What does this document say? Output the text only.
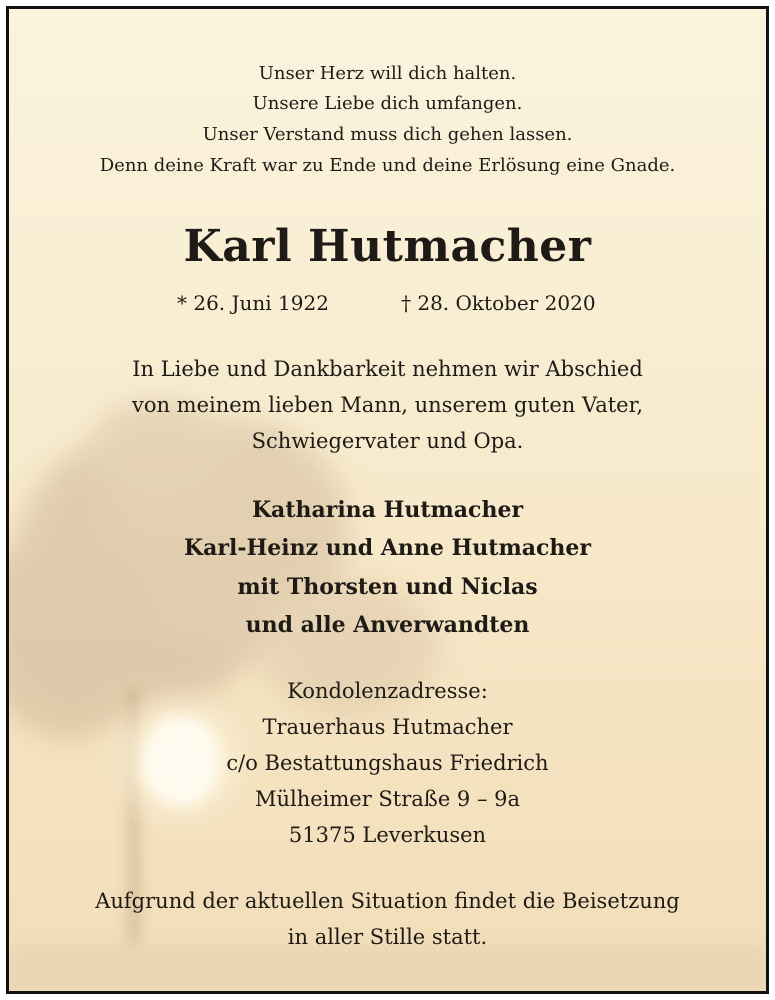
Unser Herz will dich halten.
Unsere Liebe dich umfangen.
Unser Verstand muss dich gehen lassen.
Denn deine Kraft war zu Ende und deine Erlösung eine Gnade.
Karl Hutmacher
* 26. Juni 1922	† 28. Oktober 2020
In Liebe und Dankbarkeit nehmen wir Abschied
von meinem lieben Mann, unserem guten Vater,
Schwiegervater und Opa.
Katharina Hutmacher
Karl-Heinz und Anne Hutmacher
mit Thorsten und Niclas
und alle Anverwandten
Kondolenzadresse:
Trauerhaus Hutmacher
c/o Bestattungshaus Friedrich
Mülheimer Straße 9 – 9a
51375 Leverkusen
Aufgrund der aktuellen Situation findet die Beisetzung
in aller Stille statt.
